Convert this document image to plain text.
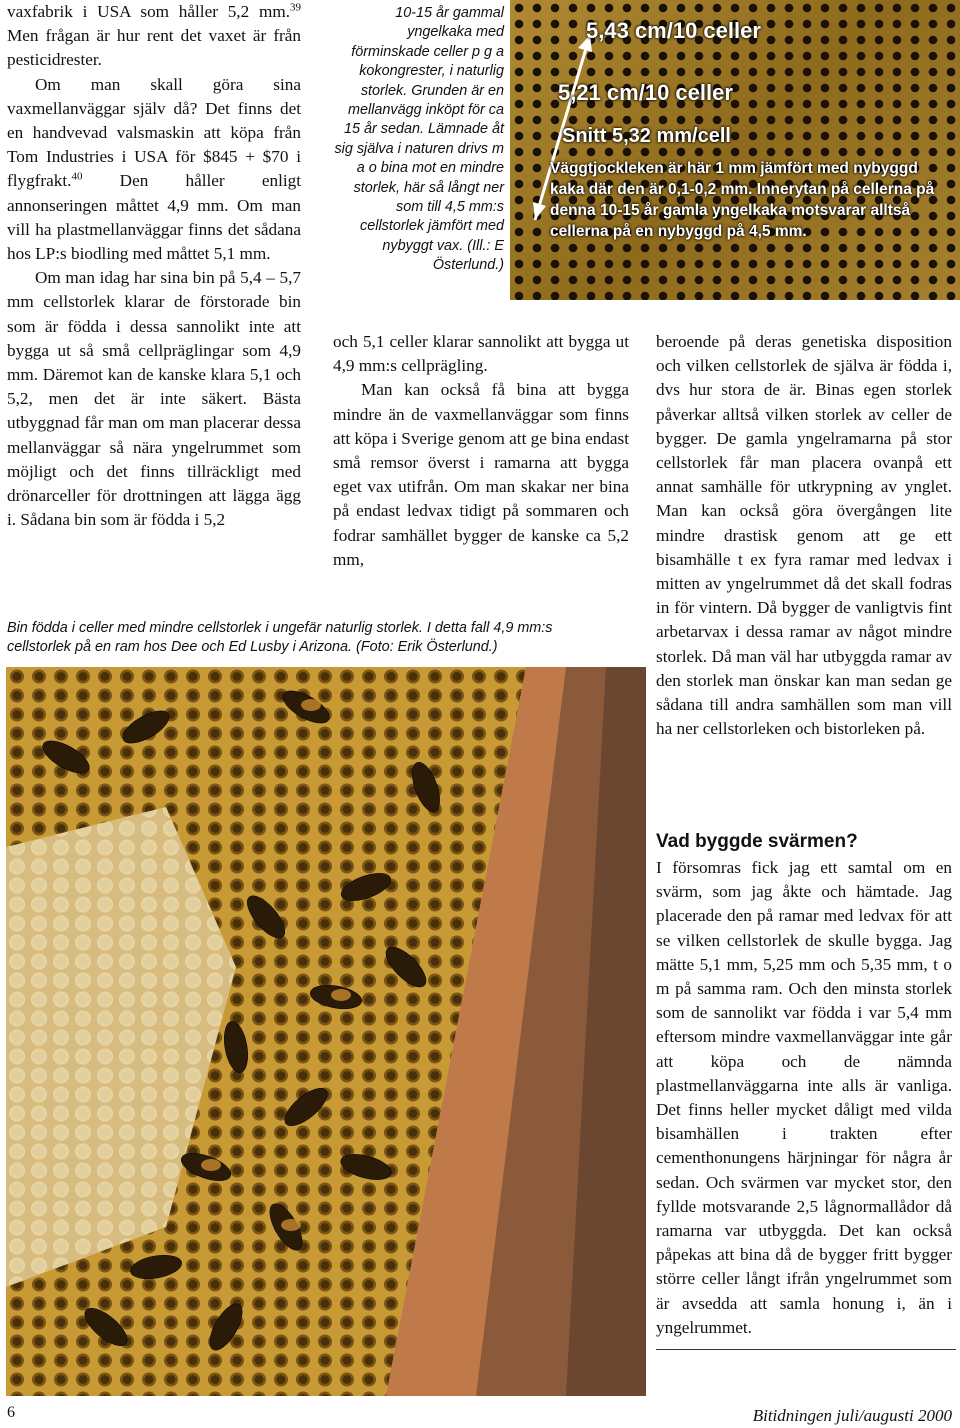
vaxfabrik i USA som håller 5,2 mm.$^{39}$ Men frågan är hur rent det vaxet är från pesticidrester.

Om man skall göra sina vaxmellanväggar själv då? Det finns det en handvevad valsmaskin att köpa från Tom Industries i USA för $845 + $70 i flygfrakt.$^{40}$ Den håller enligt annonseringen måttet 4,9 mm. Om man vill ha plastmellanväggar finns det sådana hos LP:s biodling med måttet 5,1 mm.

Om man idag har sina bin på 5,4 – 5,7 mm cellstorlek klarar de förstorade bin som är födda i dessa sannolikt inte att bygga ut så små cellpräglingar som 4,9 mm. Däremot kan de kanske klara 5,1 och 5,2, men det är inte säkert. Bästa utbyggnad får man om man placerar dessa mellanväggar så nära yngelrummet som möjligt och det finns tillräckligt med drönarceller för drottningen att lägga ägg i. Sådana bin som är födda i 5,2

10-15 år gammal yngelkaka med förminskade celler p g a kokongrester, i naturlig storlek. Grunden är en mellanvägg inköpt för ca 15 år sedan. Lämnade åt sig själva i naturen drivs m a o bina mot en mindre storlek, här så långt ner som till 4,5 mm:s cellstorlek jämfört med nybyggt vax. (Ill.: E Österlund.)
5,43 cm/10 celler
5,21 cm/10 celler
Snitt 5,32 mm/cell
Väggtjockleken är här 1 mm jämfört med nybyggd kaka där den är 0,1-0,2 mm. Innerytan på cellerna på denna 10-15 år gamla yngelkaka motsvarar alltså cellerna på en nybyggd på 4,5 mm.

och 5,1 celler klarar sannolikt att bygga ut 4,9 mm:s cellprägling.

Man kan också få bina att bygga mindre än de vaxmellanväggar som finns att köpa i Sverige genom att ge bina endast små remsor överst i ramarna att bygga eget vax utifrån. Om man skakar ner bina på endast ledvax tidigt på sommaren och fodrar samhället bygger de kanske ca 5,2 mm,

beroende på deras genetiska disposition och vilken cellstorlek de själva är födda i, dvs hur stora de är. Binas egen storlek påverkar alltså vilken storlek av celler de bygger. De gamla yngelramarna på stor cellstorlek får man placera ovanpå ett annat samhälle för utkrypning av ynglet. Man kan också göra övergången lite mindre drastisk genom att ge ett bisamhälle t ex fyra ramar med ledvax i mitten av yngelrummet då det skall fodras in för vintern. Då bygger de vanligtvis fint arbetarvax i dessa ramar av något mindre storlek. Då man väl har utbyggda ramar av den storlek man önskar kan man sedan ge sådana till andra samhällen som man vill ha ner cellstorleken och bistorleken på.

Vad byggde svärmen?

I försomras fick jag ett samtal om en svärm, som jag åkte och hämtade. Jag placerade den på ramar med ledvax för att se vilken cellstorlek de skulle bygga. Jag mätte 5,1 mm, 5,25 mm och 5,35 mm, t o m på samma ram. Och den minsta storlek som de sannolikt var födda i var 5,4 mm eftersom mindre vaxmellanväggar inte går att köpa och de nämnda plastmellanväggarna inte alls är vanliga. Det finns heller mycket dåligt med vilda bisamhällen i trakten efter cementhonungens härjningar för några år sedan. Och svärmen var mycket stor, den fyllde motsvarande 2,5 lågnormallådor då ramarna var utbyggda. Det kan också påpekas att bina då de bygger fritt bygger större celler långt ifrån yngelrummet som är avsedda att samla honung i, än i yngelrummet.

Bin födda i celler med mindre cellstorlek i ungefär naturlig storlek. I detta fall 4,9 mm:s cellstorlek på en ram hos Dee och Ed Lusby i Arizona. (Foto: Erik Österlund.)
6	Bitidningen juli/augusti 2000
